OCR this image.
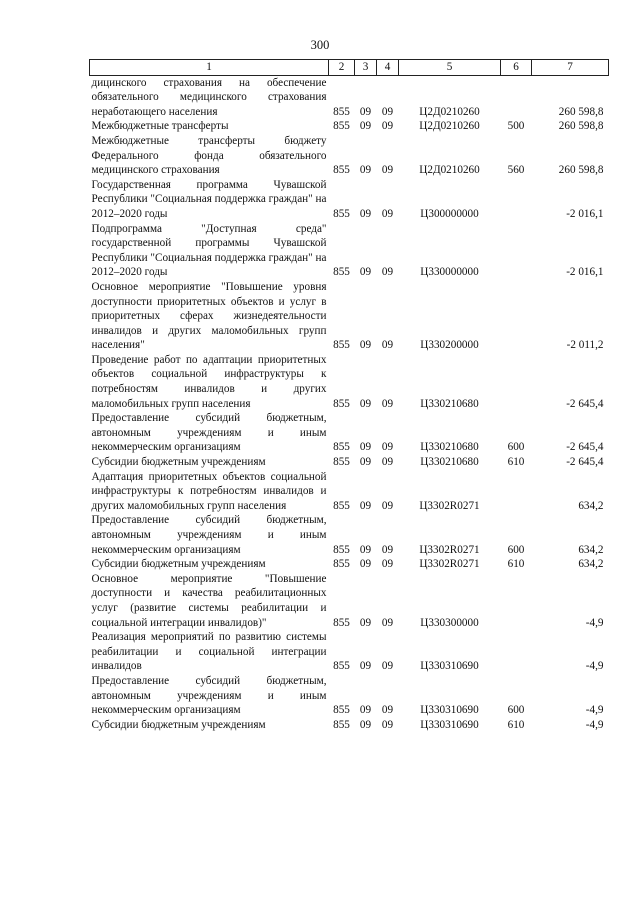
300
1	2	3	4	5	6	7
дицинского страхования на обеспечение обязательного медицинского страхования неработающего населения	855	09	09	Ц2Д0210260		260 598,8
Межбюджетные трансферты	855	09	09	Ц2Д0210260	500	260 598,8
Межбюджетные трансферты бюджету Федерального фонда обязательного медицинского страхования	855	09	09	Ц2Д0210260	560	260 598,8
Государственная программа Чувашской Республики "Социальная поддержка граждан" на 2012–2020 годы	855	09	09	Ц300000000		-2 016,1
Подпрограмма "Доступная среда" государственной программы Чувашской Республики "Социальная поддержка граждан" на 2012–2020 годы	855	09	09	Ц330000000		-2 016,1
Основное мероприятие "Повышение уровня доступности приоритетных объектов и услуг в приоритетных сферах жизнедеятельности инвалидов и других маломобильных групп населения"	855	09	09	Ц330200000		-2 011,2
Проведение работ по адаптации приоритетных объектов социальной инфраструктуры к потребностям инвалидов и других маломобильных групп населения	855	09	09	Ц330210680		-2 645,4
Предоставление субсидий бюджетным, автономным учреждениям и иным некоммерческим организациям	855	09	09	Ц330210680	600	-2 645,4
Субсидии бюджетным учреждениям	855	09	09	Ц330210680	610	-2 645,4
Адаптация приоритетных объектов социальной инфраструктуры к потребностям инвалидов и других маломобильных групп населения	855	09	09	Ц3302R0271		634,2
Предоставление субсидий бюджетным, автономным учреждениям и иным некоммерческим организациям	855	09	09	Ц3302R0271	600	634,2
Субсидии бюджетным учреждениям	855	09	09	Ц3302R0271	610	634,2
Основное мероприятие "Повышение доступности и качества реабилитационных услуг (развитие системы реабилитации и социальной интеграции инвалидов)"	855	09	09	Ц330300000		-4,9
Реализация мероприятий по развитию системы реабилитации и социальной интеграции инвалидов	855	09	09	Ц330310690		-4,9
Предоставление субсидий бюджетным, автономным учреждениям и иным некоммерческим организациям	855	09	09	Ц330310690	600	-4,9
Субсидии бюджетным учреждениям	855	09	09	Ц330310690	610	-4,9
